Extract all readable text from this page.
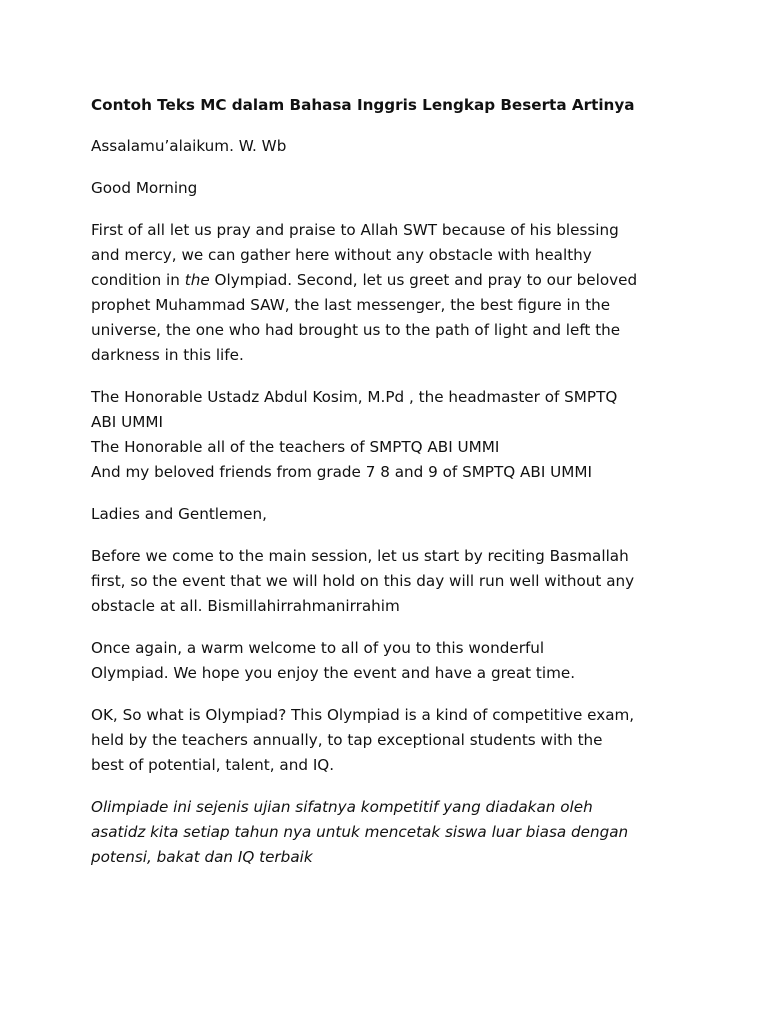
Contoh Teks MC dalam Bahasa Inggris Lengkap Beserta Artinya

Assalamu’alaikum. W. Wb

Good Morning

First of all let us pray and praise to Allah SWT because of his blessing
and mercy, we can gather here without any obstacle with healthy
condition in the Olympiad. Second, let us greet and pray to our beloved
prophet Muhammad SAW, the last messenger, the best figure in the
universe, the one who had brought us to the path of light and left the
darkness in this life.

The Honorable Ustadz Abdul Kosim, M.Pd , the headmaster of SMPTQ
ABI UMMI
The Honorable all of the teachers of SMPTQ ABI UMMI
And my beloved friends from grade 7 8 and 9 of SMPTQ ABI UMMI

Ladies and Gentlemen,

Before we come to the main session, let us start by reciting Basmallah
first, so the event that we will hold on this day will run well without any
obstacle at all. Bismillahirrahmanirrahim

Once again, a warm welcome to all of you to this wonderful
Olympiad. We hope you enjoy the event and have a great time.

OK, So what is Olympiad? This Olympiad is a kind of competitive exam,
held by the teachers annually, to tap exceptional students with the
best of potential, talent, and IQ.

Olimpiade ini sejenis ujian sifatnya kompetitif yang diadakan oleh
asatidz kita setiap tahun nya untuk mencetak siswa luar biasa dengan
potensi, bakat dan IQ terbaik
